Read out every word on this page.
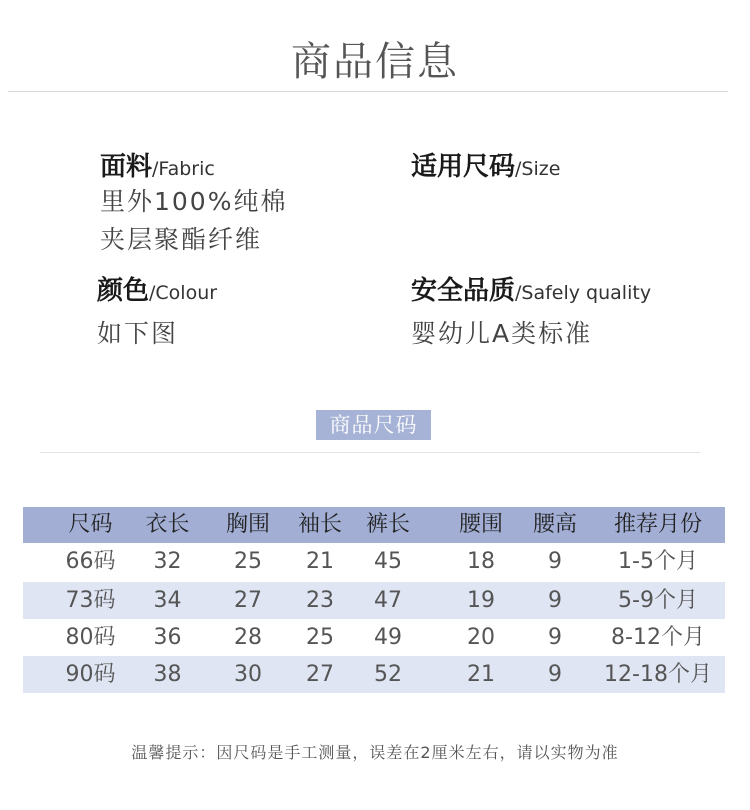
商品信息
面料/Fabric
里外100%纯棉
夹层聚酯纤维
适用尺码/Size
颜色/Colour
如下图
安全品质/Safely quality
婴幼儿A类标准
商品尺码
尺码	衣长	胸围	袖长	裤长	腰围	腰高	推荐月份
66码	32	25	21	45	18	9	1-5个月
73码	34	27	23	47	19	9	5-9个月
80码	36	28	25	49	20	9	8-12个月
90码	38	30	27	52	21	9	12-18个月
温馨提示：因尺码是手工测量，误差在2厘米左右，请以实物为准
